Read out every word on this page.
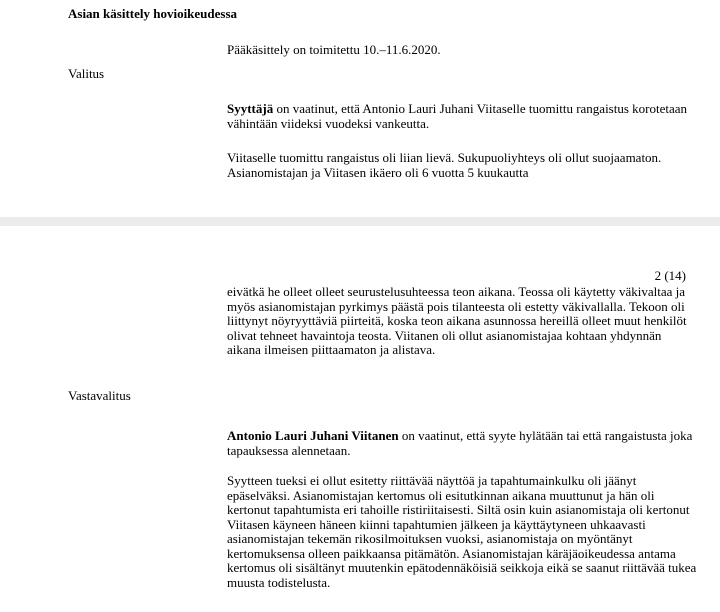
Asian käsittely hovioikeudessa
Pääkäsittely on toimitettu 10.–11.6.2020.
Valitus

Syyttäjä on vaatinut, että Antonio Lauri Juhani Viitaselle tuomittu rangaistus korotetaan vähintään viideksi vuodeksi vankeutta.

Viitaselle tuomittu rangaistus oli liian lievä. Sukupuoliyhteys oli ollut suojaamaton. Asianomistajan ja Viitasen ikäero oli 6 vuotta 5 kuukautta

2 (14)

eivätkä he olleet olleet seurustelusuhteessa teon aikana. Teossa oli käytetty väkivaltaa ja myös asianomistajan pyrkimys päästä pois tilanteesta oli estetty väkivallalla. Tekoon oli liittynyt nöyryyttäviä piirteitä, koska teon aikana asunnossa hereillä olleet muut henkilöt olivat tehneet havaintoja teosta. Viitanen oli ollut asianomistajaa kohtaan yhdynnän aikana ilmeisen piittaamaton ja alistava.

Vastavalitus

Antonio Lauri Juhani Viitanen on vaatinut, että syyte hylätään tai että rangaistusta joka tapauksessa alennetaan.

Syytteen tueksi ei ollut esitetty riittävää näyttöä ja tapahtumainkulku oli jäänyt epäselväksi. Asianomistajan kertomus oli esitutkinnan aikana muuttunut ja hän oli kertonut tapahtumista eri tahoille ristiriitaisesti. Siltä osin kuin asianomistaja oli kertonut Viitasen käyneen häneen kiinni tapahtumien jälkeen ja käyttäytyneen uhkaavasti asianomistajan tekemän rikosilmoituksen vuoksi, asianomistaja on myöntänyt kertomuksensa olleen paikkaansa pitämätön. Asianomistajan käräjäoikeudessa antama kertomus oli sisältänyt muutenkin epätodennäköisiä seikkoja eikä se saanut riittävää tukea muusta todistelusta.
